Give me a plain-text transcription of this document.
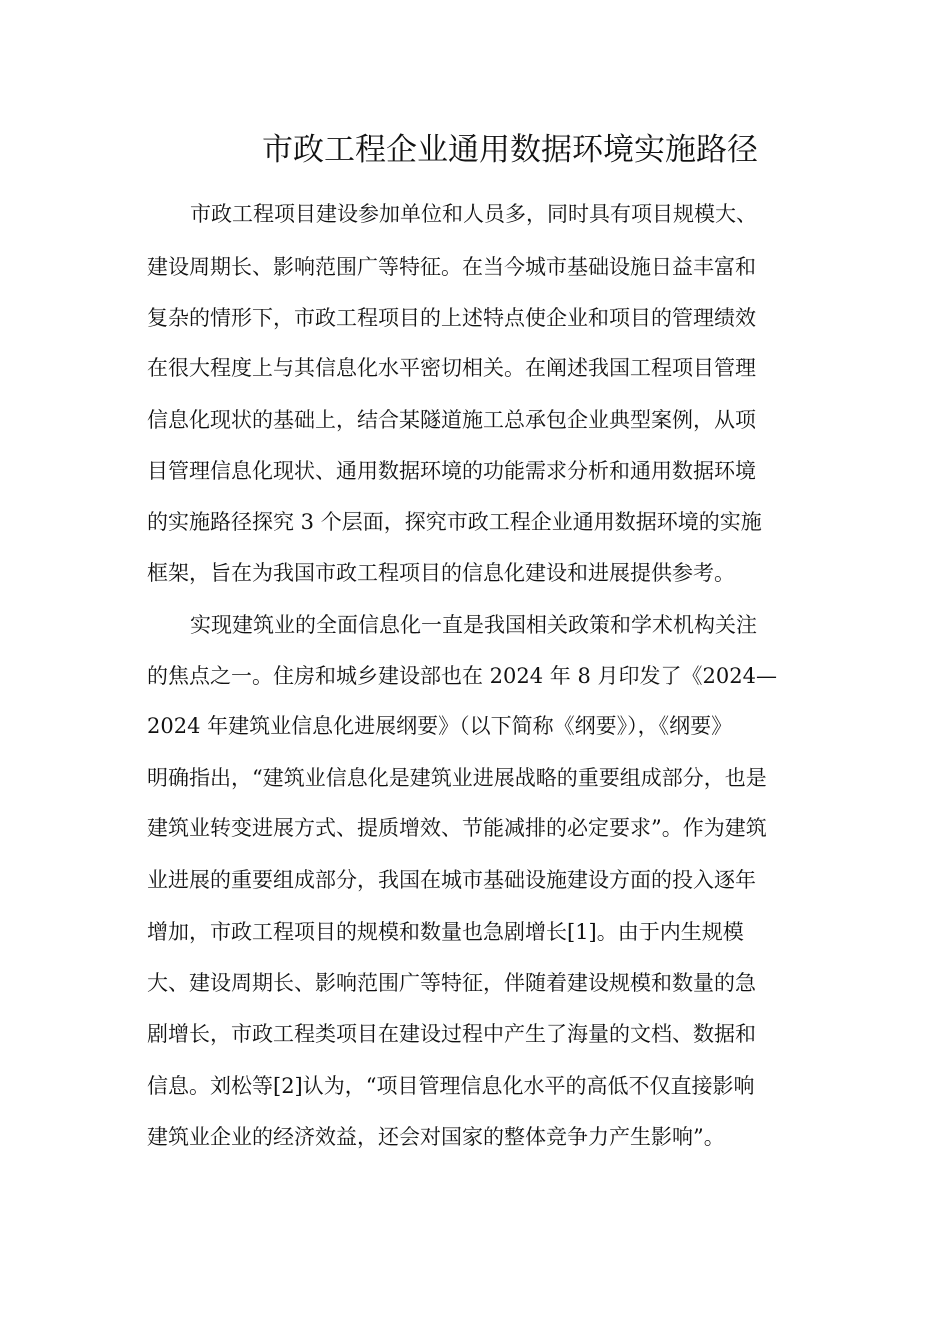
市政工程企业通用数据环境实施路径

市政工程项目建设参加单位和人员多，同时具有项目规模大、

建设周期长、影响范围广等特征。在当今城市基础设施日益丰富和

复杂的情形下，市政工程项目的上述特点使企业和项目的管理绩效

在很大程度上与其信息化水平密切相关。在阐述我国工程项目管理

信息化现状的基础上，结合某隧道施工总承包企业典型案例，从项

目管理信息化现状、通用数据环境的功能需求分析和通用数据环境

的实施路径探究 3 个层面，探究市政工程企业通用数据环境的实施

框架，旨在为我国市政工程项目的信息化建设和进展提供参考。

实现建筑业的全面信息化一直是我国相关政策和学术机构关注

的焦点之一。住房和城乡建设部也在 2024 年 8 月印发了《2024—

2024 年建筑业信息化进展纲要》（以下简称《纲要》），《纲要》

明确指出，“建筑业信息化是建筑业进展战略的重要组成部分，也是

建筑业转变进展方式、提质增效、节能减排的必定要求”。作为建筑

业进展的重要组成部分，我国在城市基础设施建设方面的投入逐年

增加，市政工程项目的规模和数量也急剧增长[1]。由于内生规模

大、建设周期长、影响范围广等特征，伴随着建设规模和数量的急

剧增长，市政工程类项目在建设过程中产生了海量的文档、数据和

信息。刘松等[2]认为，“项目管理信息化水平的高低不仅直接影响

建筑业企业的经济效益，还会对国家的整体竞争力产生影响”。
